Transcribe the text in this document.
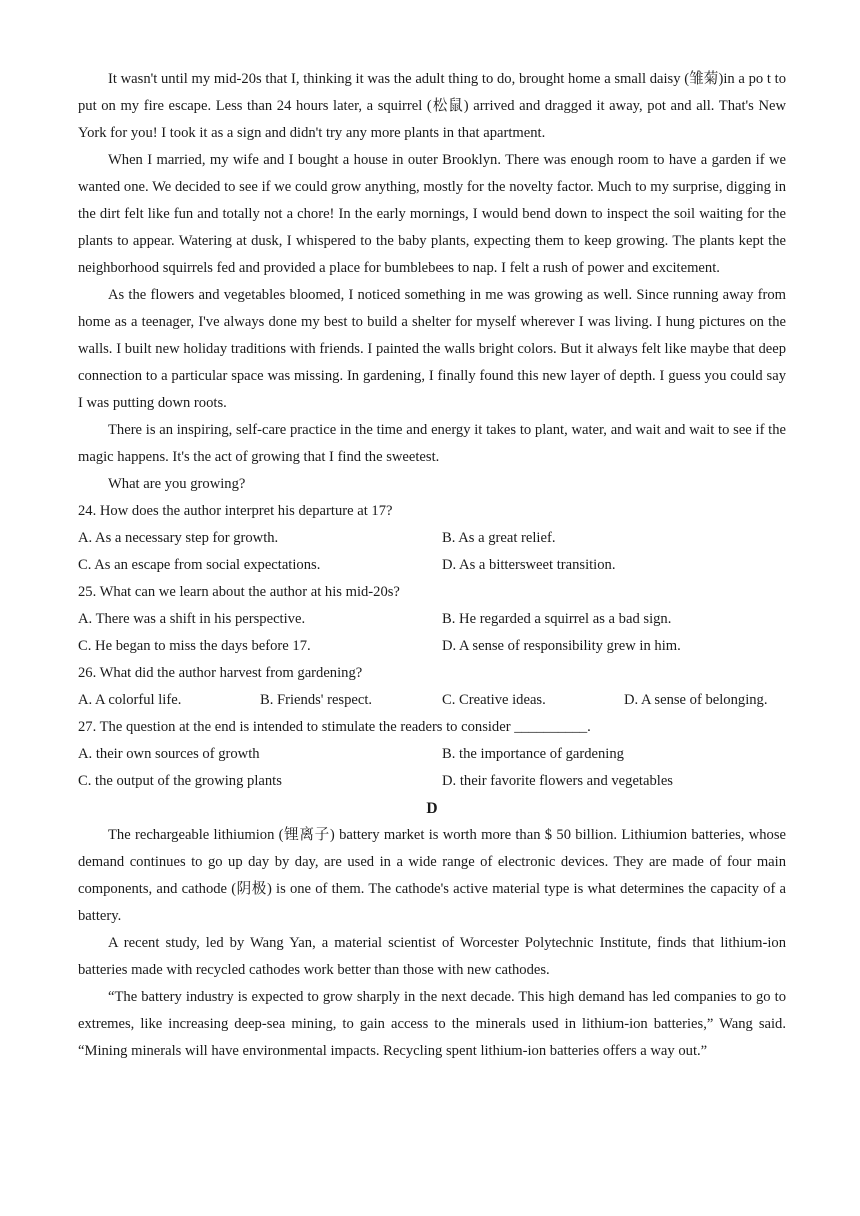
It wasn't until my mid-20s that I, thinking it was the adult thing to do, brought home a small daisy (雏菊)in a po t to put on my fire escape. Less than 24 hours later, a squirrel (松鼠) arrived and dragged it away, pot and all. That's New York for you! I took it as a sign and didn't try any more plants in that apartment.

When I married, my wife and I bought a house in outer Brooklyn. There was enough room to have a garden if we wanted one. We decided to see if we could grow anything, mostly for the novelty factor. Much to my surprise, digging in the dirt felt like fun and totally not a chore! In the early mornings, I would bend down to inspect the soil waiting for the plants to appear. Watering at dusk, I whispered to the baby plants, expecting them to keep growing. The plants kept the neighborhood squirrels fed and provided a place for bumblebees to nap. I felt a rush of power and excitement.

As the flowers and vegetables bloomed, I noticed something in me was growing as well. Since running away from home as a teenager, I've always done my best to build a shelter for myself wherever I was living. I hung pictures on the walls. I built new holiday traditions with friends. I painted the walls bright colors. But it always felt like maybe that deep connection to a particular space was missing. In gardening, I finally found this new layer of depth. I guess you could say I was putting down roots.

There is an inspiring, self-care practice in the time and energy it takes to plant, water, and wait and wait to see if the magic happens. It's the act of growing that I find the sweetest.

What are you growing?

24. How does the author interpret his departure at 17?

A. As a necessary step for growth.	B. As a great relief.
C. As an escape from social expectations.	D. As a bittersweet transition.

25. What can we learn about the author at his mid-20s?

A. There was a shift in his perspective.	B. He regarded a squirrel as a bad sign.
C. He began to miss the days before 17.	D. A sense of responsibility grew in him.

26. What did the author harvest from gardening?

A. A colorful life.	B. Friends' respect.	C. Creative ideas.	D. A sense of belonging.

27. The question at the end is intended to stimulate the readers to consider __________.

A. their own sources of growth	B. the importance of gardening
C. the output of the growing plants	D. their favorite flowers and vegetables

D

The rechargeable lithiumion (锂离子) battery market is worth more than $ 50 billion. Lithiumion batteries, whose demand continues to go up day by day, are used in a wide range of electronic devices. They are made of four main components, and cathode (阴极) is one of them. The cathode's active material type is what determines the capacity of a battery.

A recent study, led by Wang Yan, a material scientist of Worcester Polytechnic Institute, finds that lithium-ion batteries made with recycled cathodes work better than those with new cathodes.

“The battery industry is expected to grow sharply in the next decade. This high demand has led companies to go to extremes, like increasing deep-sea mining, to gain access to the minerals used in lithium-ion batteries,” Wang said. “Mining minerals will have environmental impacts. Recycling spent lithium-ion batteries offers a way out.”
